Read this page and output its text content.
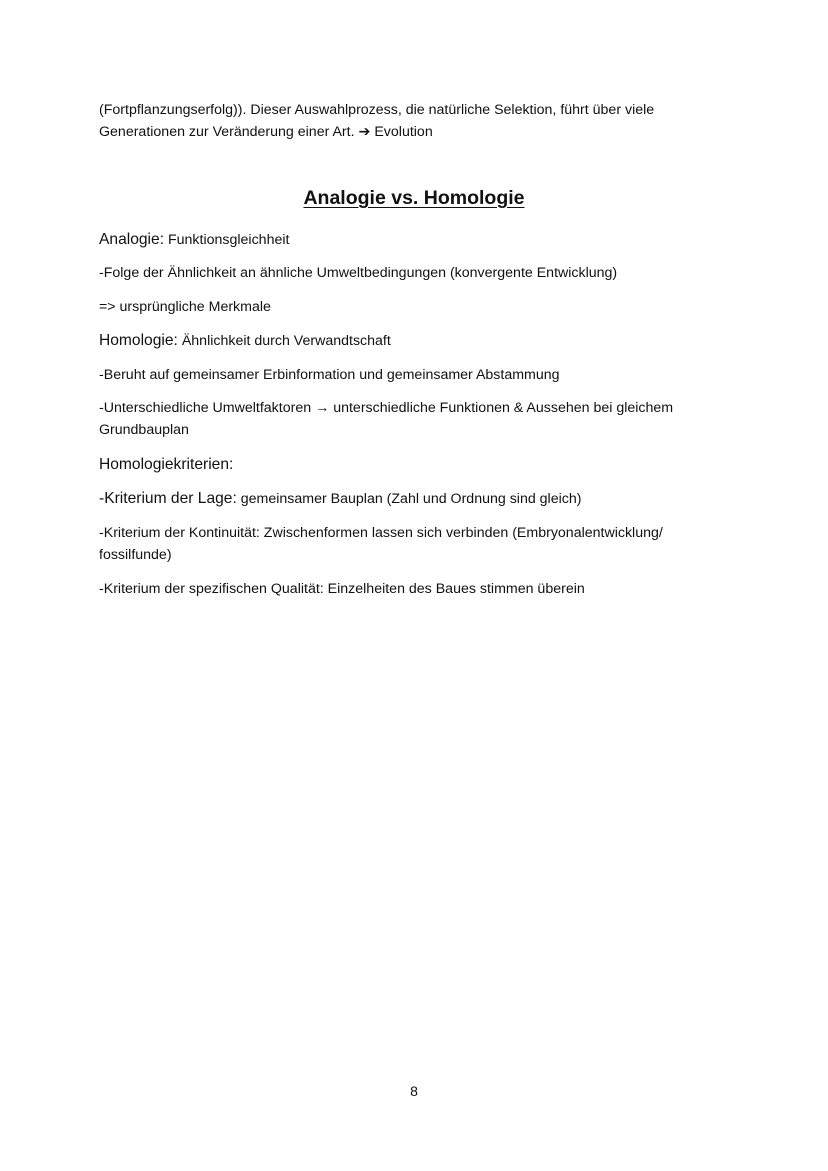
(Fortpflanzungserfolg)). Dieser Auswahlprozess, die natürliche Selektion, führt über viele
Generationen zur Veränderung einer Art. ➔ Evolution
Analogie vs. Homologie
Analogie: Funktionsgleichheit
-Folge der Ähnlichkeit an ähnliche Umweltbedingungen (konvergente Entwicklung)
=> ursprüngliche Merkmale
Homologie: Ähnlichkeit durch Verwandtschaft
-Beruht auf gemeinsamer Erbinformation und gemeinsamer Abstammung
-Unterschiedliche Umweltfaktoren → unterschiedliche Funktionen & Aussehen bei gleichem
Grundbauplan
Homologiekriterien:
-Kriterium der Lage: gemeinsamer Bauplan (Zahl und Ordnung sind gleich)
-Kriterium der Kontinuität: Zwischenformen lassen sich verbinden (Embryonalentwicklung/
fossilfunde)
-Kriterium der spezifischen Qualität: Einzelheiten des Baues stimmen überein
8
